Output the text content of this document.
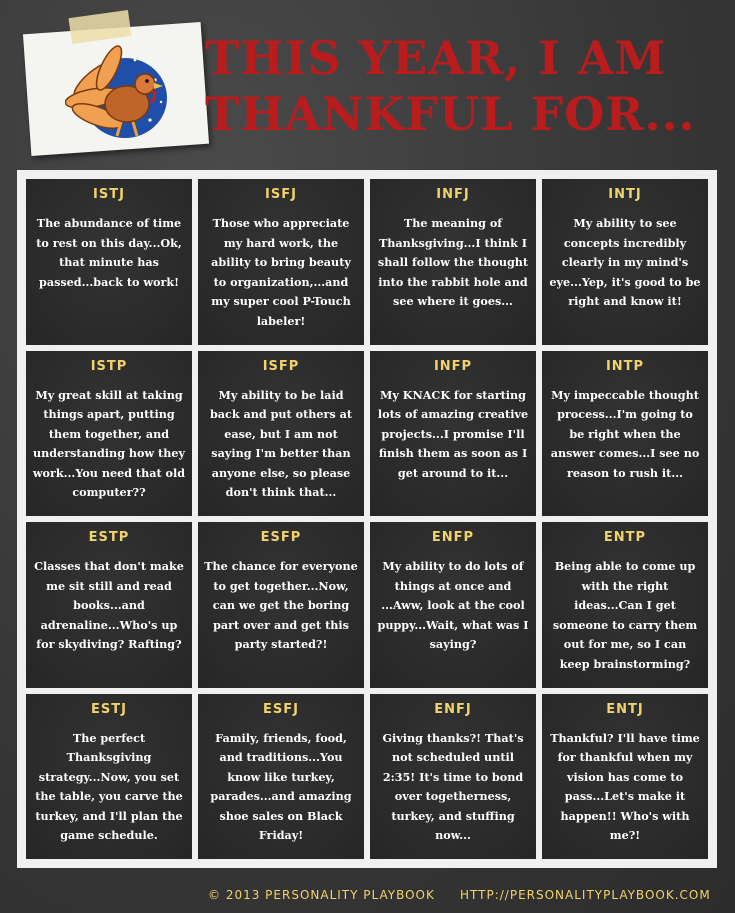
THIS YEAR, I AM THANKFUL FOR...
ISTJ
The abundance of time to rest on this day...Ok, that minute has passed...back to work!
ISFJ
Those who appreciate my hard work, the ability to bring beauty to organization,...and my super cool P-Touch labeler!
INFJ
The meaning of Thanksgiving...I think I shall follow the thought into the rabbit hole and see where it goes...
INTJ
My ability to see concepts incredibly clearly in my mind's eye...Yep, it's good to be right and know it!
ISTP
My great skill at taking things apart, putting them together, and understanding how they work...You need that old computer??
ISFP
My ability to be laid back and put others at ease, but I am not saying I'm better than anyone else, so please don't think that...
INFP
My KNACK for starting lots of amazing creative projects...I promise I'll finish them as soon as I get around to it...
INTP
My impeccable thought process...I'm going to be right when the answer comes...I see no reason to rush it...
ESTP
Classes that don't make me sit still and read books...and adrenaline...Who's up for skydiving? Rafting?
ESFP
The chance for everyone to get together...Now, can we get the boring part over and get this party started?!
ENFP
My ability to do lots of things at once and ...Aww, look at the cool puppy...Wait, what was I saying?
ENTP
Being able to come up with the right ideas...Can I get someone to carry them out for me, so I can keep brainstorming?
ESTJ
The perfect Thanksgiving strategy...Now, you set the table, you carve the turkey, and I'll plan the game schedule.
ESFJ
Family, friends, food, and traditions...You know like turkey, parades...and amazing shoe sales on Black Friday!
ENFJ
Giving thanks?! That's not scheduled until 2:35! It's time to bond over togetherness, turkey, and stuffing now...
ENTJ
Thankful? I'll have time for thankful when my vision has come to pass...Let's make it happen!! Who's with me?!
© 2013 PERSONALITY PLAYBOOK HTTP://PERSONALITYPLAYBOOK.COM
